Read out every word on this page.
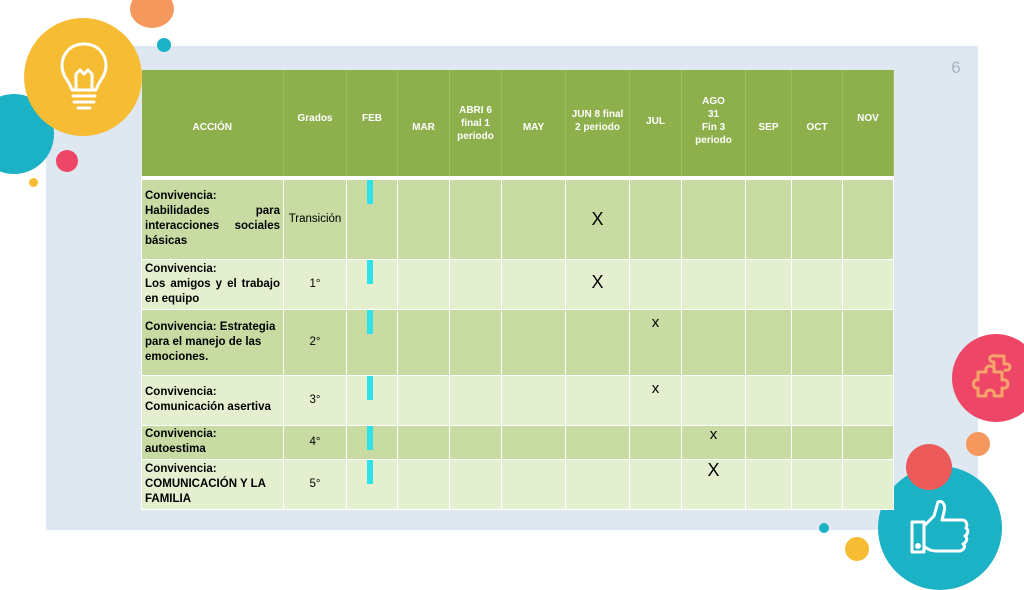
6
ACCIÓN	Grados	FEB	MAR	ABRI 6
final 1
periodo	MAY	JUN 8 final
2 periodo	JUL	AGO
31
Fin 3
periodo	SEP	OCT	NOV
Convivencia:
Habilidades para interacciones sociales básicas	Transición					X					
Convivencia:
Los amigos y el trabajo en equipo	1°					X					
Convivencia: Estrategia para el manejo de las emociones.	2°						x				

Convivencia:
Comunicación asertiva	3°						x				

Convivencia: autoestima	4°							x			

Convivencia:
COMUNICACIÓN Y LA FAMILIA	5°							X			
